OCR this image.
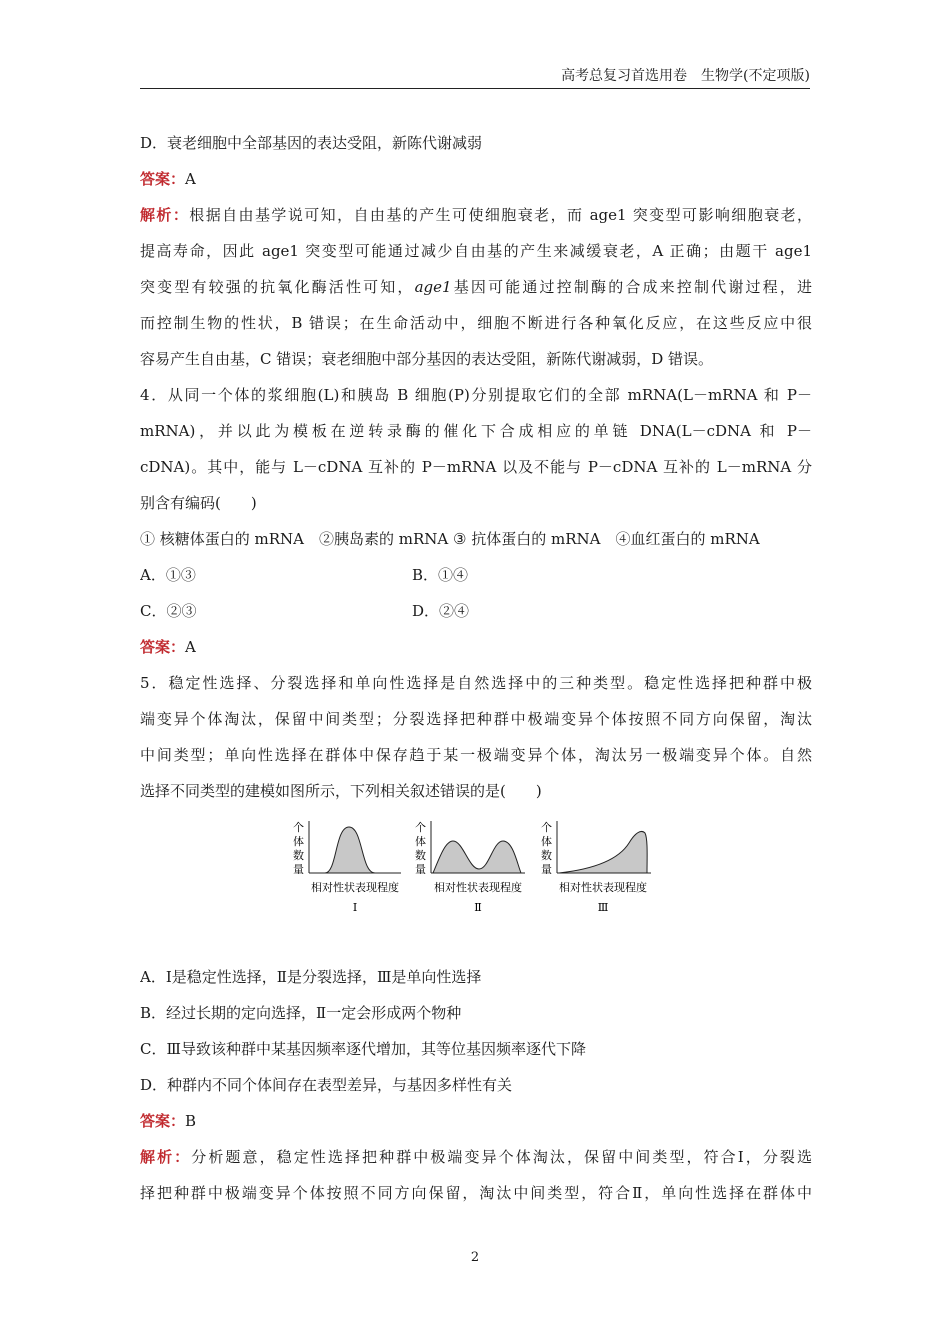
高考总复习首选用卷　生物学(不定项版)
D．衰老细胞中全部基因的表达受阻，新陈代谢减弱
答案：A
解析：根据自由基学说可知，自由基的产生可使细胞衰老，而 age1 突变型可影响细胞衰老，
提高寿命，因此 age1 突变型可能通过减少自由基的产生来减缓衰老，A 正确；由题干 age1
突变型有较强的抗氧化酶活性可知，age1基因可能通过控制酶的合成来控制代谢过程，进
而控制生物的性状，B 错误；在生命活动中，细胞不断进行各种氧化反应，在这些反应中很
容易产生自由基，C 错误；衰老细胞中部分基因的表达受阻，新陈代谢减弱，D 错误。
4．从同一个体的浆细胞(L)和胰岛 B 细胞(P)分别提取它们的全部 mRNA(L－mRNA 和 P－
mRNA)，并以此为模板在逆转录酶的催化下合成相应的单链 DNA(L－cDNA 和 P－
cDNA)。其中，能与 L－cDNA 互补的 P－mRNA 以及不能与 P－cDNA 互补的 L－mRNA 分
别含有编码(　　)
① 核糖体蛋白的 mRNA　②胰岛素的 mRNA ③ 抗体蛋白的 mRNA　④血红蛋白的 mRNA
A．①③	B．①④
C．②③	D．②④
答案：A
5．稳定性选择、分裂选择和单向性选择是自然选择中的三种类型。稳定性选择把种群中极
端变异个体淘汰，保留中间类型；分裂选择把种群中极端变异个体按照不同方向保留，淘汰
中间类型；单向性选择在群体中保存趋于某一极端变异个体，淘汰另一极端变异个体。自然
选择不同类型的建模如图所示，下列相关叙述错误的是(　　)
个
体
数
量
相对性状表现程度
Ⅰ
个
体
数
量
相对性状表现程度
Ⅱ
个
体
数
量
相对性状表现程度
Ⅲ
A．Ⅰ是稳定性选择，Ⅱ是分裂选择，Ⅲ是单向性选择
B．经过长期的定向选择，Ⅱ一定会形成两个物种
C．Ⅲ导致该种群中某基因频率逐代增加，其等位基因频率逐代下降
D．种群内不同个体间存在表型差异，与基因多样性有关
答案：B
解析：分析题意，稳定性选择把种群中极端变异个体淘汰，保留中间类型，符合Ⅰ，分裂选
择把种群中极端变异个体按照不同方向保留，淘汰中间类型，符合Ⅱ，单向性选择在群体中
2
